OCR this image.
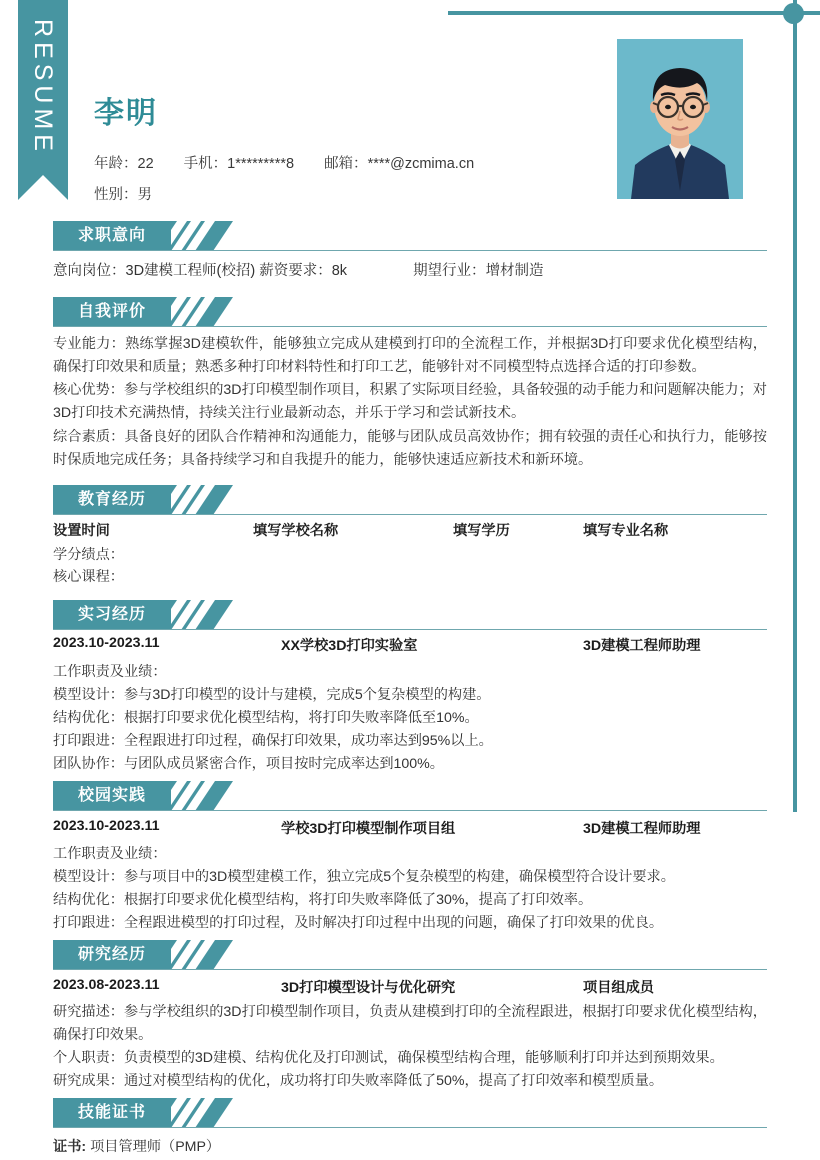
RESUME	李明
年龄：22 手机：1*********8 邮箱：****@zcmima.cn
性别：男
求职意向
意向岗位：3D建模工程师(校招) 薪资要求：8k	期望行业：增材制造
自我评价
专业能力：熟练掌握3D建模软件，能够独立完成从建模到打印的全流程工作，并根据3D打印要求优化模型结构，确保打印效果和质量；熟悉多种打印材料特性和打印工艺，能够针对不同模型特点选择合适的打印参数。
核心优势：参与学校组织的3D打印模型制作项目，积累了实际项目经验，具备较强的动手能力和问题解决能力；对3D打印技术充满热情，持续关注行业最新动态，并乐于学习和尝试新技术。
综合素质：具备良好的团队合作精神和沟通能力，能够与团队成员高效协作；拥有较强的责任心和执行力，能够按时保质地完成任务；具备持续学习和自我提升的能力，能够快速适应新技术和新环境。
教育经历
设置时间	填写学校名称	填写学历	填写专业名称
学分绩点：
核心课程：
实习经历
2023.10-2023.11	XX学校3D打印实验室	3D建模工程师助理
工作职责及业绩：
模型设计：参与3D打印模型的设计与建模，完成5个复杂模型的构建。
结构优化：根据打印要求优化模型结构，将打印失败率降低至10%。
打印跟进：全程跟进打印过程，确保打印效果，成功率达到95%以上。
团队协作：与团队成员紧密合作，项目按时完成率达到100%。
校园实践
2023.10-2023.11	学校3D打印模型制作项目组	3D建模工程师助理
工作职责及业绩：
模型设计：参与项目中的3D模型建模工作，独立完成5个复杂模型的构建，确保模型符合设计要求。
结构优化：根据打印要求优化模型结构，将打印失败率降低了30%，提高了打印效率。
打印跟进：全程跟进模型的打印过程，及时解决打印过程中出现的问题，确保了打印效果的优良。
研究经历
2023.08-2023.11	3D打印模型设计与优化研究	项目组成员
研究描述：参与学校组织的3D打印模型制作项目，负责从建模到打印的全流程跟进，根据打印要求优化模型结构，确保打印效果。
个人职责：负责模型的3D建模、结构优化及打印测试，确保模型结构合理，能够顺利打印并达到预期效果。
研究成果：通过对模型结构的优化，成功将打印失败率降低了50%，提高了打印效率和模型质量。
技能证书
证书: 项目管理师（PMP）
